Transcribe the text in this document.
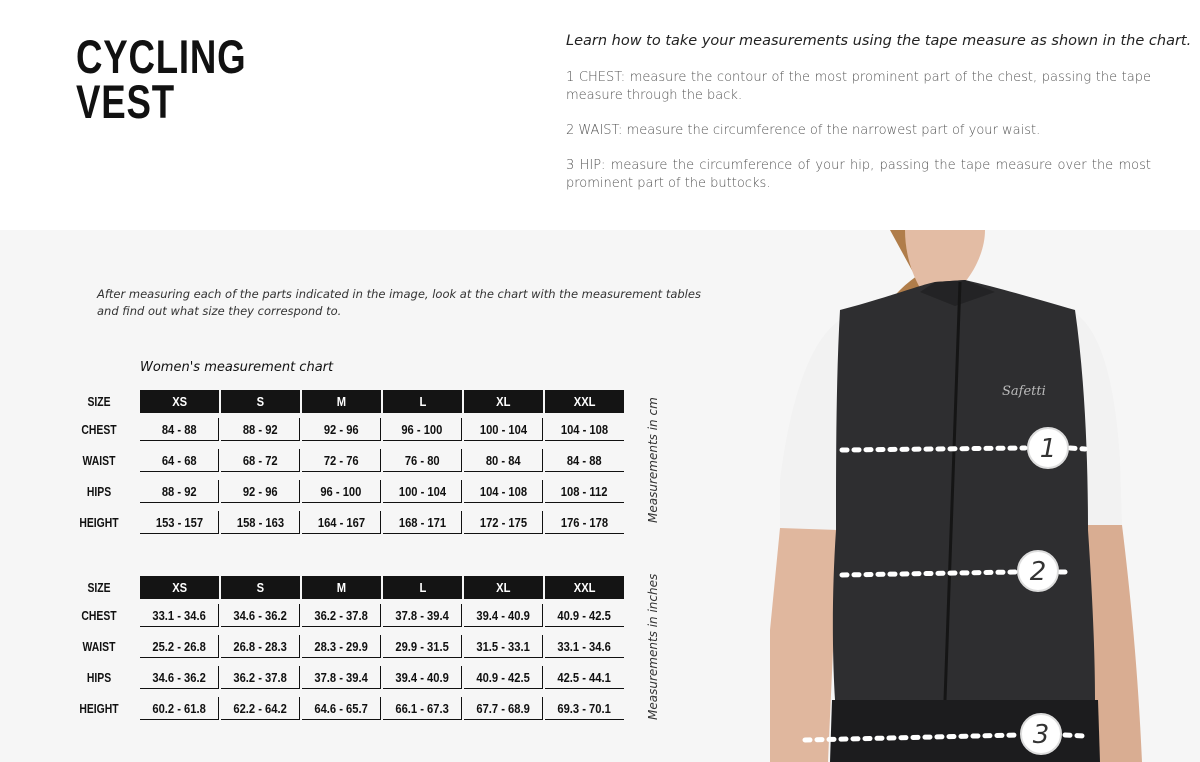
CYCLING
VEST
Learn how to take your measurements using the tape measure as shown in the chart.
1 CHEST: measure the contour of the most prominent part of the chest, passing the tape measure through the back.
2 WAIST: measure the circumference of the narrowest part of your waist.
3 HIP: measure the circumference of your hip, passing the tape measure over the most prominent part of the buttocks.
After measuring each of the parts indicated in the image, look at the chart with the measurement tables and find out what size they correspond to.
Women's measurement chart
SIZE	XS	S	M	L	XL	XXL
CHEST	84 - 88	88 - 92	92 - 96	96 - 100	100 - 104	104 - 108
WAIST	64 - 68	68 - 72	72 - 76	76 - 80	80 - 84	84 - 88
HIPS	88 - 92	92 - 96	96 - 100	100 - 104	104 - 108	108 - 112
HEIGHT	153 - 157	158 - 163	164 - 167	168 - 171	172 - 175	176 - 178	Measurements in cm
SIZE	XS	S	M	L	XL	XXL
CHEST	33.1 - 34.6	34.6 - 36.2	36.2 - 37.8	37.8 - 39.4	39.4 - 40.9	40.9 - 42.5
WAIST	25.2 - 26.8	26.8 - 28.3	28.3 - 29.9	29.9 - 31.5	31.5 - 33.1	33.1 - 34.6
HIPS	34.6 - 36.2	36.2 - 37.8	37.8 - 39.4	39.4 - 40.9	40.9 - 42.5	42.5 - 44.1
HEIGHT	60.2 - 61.8	62.2 - 64.2	64.6 - 65.7	66.1 - 67.3	67.7 - 68.9	69.3 - 70.1	Measurements in inches
Safetti
1
2
3
